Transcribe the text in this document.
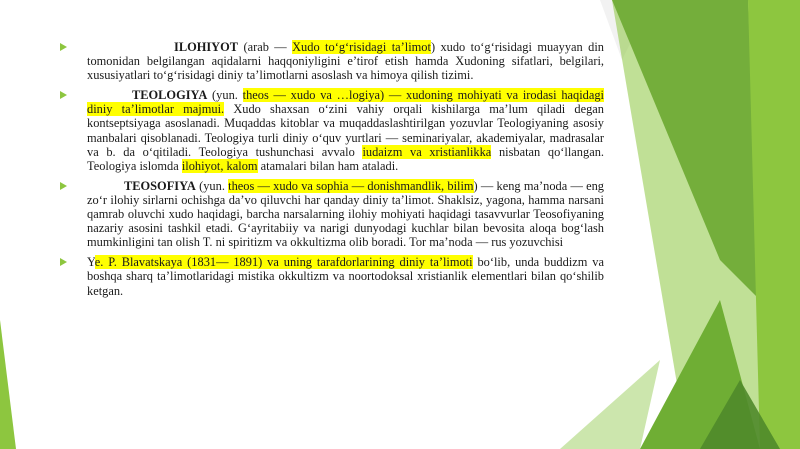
ILOHIYOT (arab — Xudo to‘g‘risidagi ta’limot) xudo to‘g‘risidagi muayyan din tomonidan belgilangan aqidalarni haqqoniyligini e’tirof etish hamda Xudoning sifatlari, belgilari, xususiyatlari to‘g‘risidagi diniy ta’limotlarni asoslash va himoya qilish tizimi.
TEOLOGIYA (yun. theos — xudo va …logiya) — xudoning mohiyati va irodasi haqidagi diniy ta’limotlar majmui. Xudo shaxsan o‘zini vahiy orqali kishilarga ma’lum qiladi degan kontseptsiyaga asoslanadi. Muqaddas kitoblar va muqaddaslashtirilgan yozuvlar Teologiyaning asosiy manbalari qisoblanadi. Teologiya turli diniy o‘quv yurtlari — seminariyalar, akademiyalar, madrasalar va b. da o‘qitiladi. Teologiya tushunchasi avvalo iudaizm va xristianlikka nisbatan qo‘llangan. Teologiya islomda ilohiyot, kalom atamalari bilan ham ataladi.
TEOSOFIYA (yun. theos — xudo va sophia — donishmandlik, bilim) — keng ma’noda — eng zo‘r ilohiy sirlarni ochishga da’vo qiluvchi har qanday diniy ta’limot. Shaklsiz, yagona, hamma narsani qamrab oluvchi xudo haqidagi, barcha narsalarning ilohiy mohiyati haqidagi tasavvurlar Teosofiyaning nazariy asosini tashkil etadi. G‘ayritabiiy va narigi dunyodagi kuchlar bilan bevosita aloqa bog‘lash mumkinligini tan olish T. ni spiritizm va okkultizma olib boradi. Tor ma’noda — rus yozuvchisi
Ye. P. Blavatskaya (1831— 1891) va uning tarafdorlarining diniy ta’limoti bo‘lib, unda buddizm va boshqa sharq ta’limotlaridagi mistika okkultizm va noortodoksal xristianlik elementlari bilan qo‘shilib ketgan.
